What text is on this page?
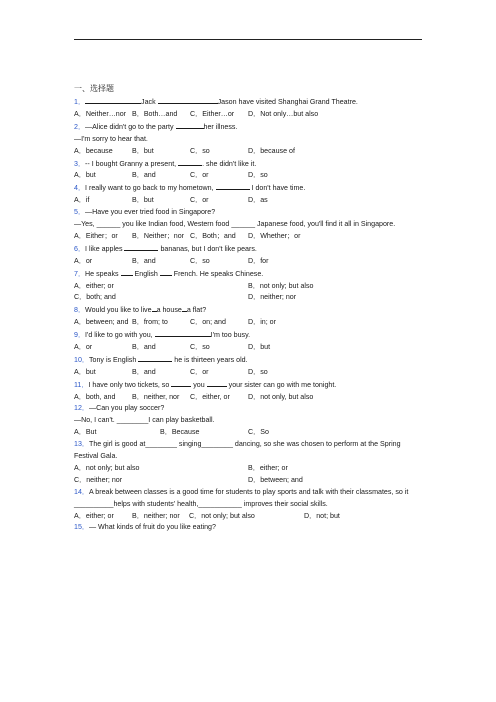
一、选择题
1．	Jack	Jason have visited Shanghai Grand Theatre.
A．Neither…nor B．Both…and C．Either…or D．Not only…but also
2．—Alice didn't go to the party	her illness.
—I'm sorry to hear that.
A．because	B．but	C．so	D．because of
3．-- I bought Granny a present,	. she didn't like it.
A．but	B．and	C．or	D．so
4．I really want to go back to my hometown,	I don't have time.
A．if	B．but	C．or	D．as
5．—Have you ever tried food in Singapore?
—Yes, ______ you like Indian food, Western food ______ Japanese food, you'll find it all in Singapore.
A．Either；or B．Neither；nor C．Both；and D．Whether；or
6．I like apples	bananas, but I don't like pears.
A．or	B．and	C．so	D．for
7．He speaks  English  French. He speaks Chinese.
A．either; or	B．not only; but also
C．both; and	D．neither; nor
8．Would you like to live a house a flat?
A．between; and B．from; to	C．on; and	D．in; or
9．I'd like to go with you,	I'm too busy.
A．or	B．and	C．so	D．but
10．Tony is English	he is thirteen years old.
A．but	B．and	C．or	D．so
11．I have only two tickets, so	you	your sister can go with me tonight.
A．both, and B．neither, nor C．either, or	D．not only, but also
12．—Can you play soccer?
—No, I can't. ________I can play basketball.
A．But	B．Because	C．So
13．The girl is good at________ singing________ dancing, so she was chosen to perform at the Spring Festival Gala.
A．not only; but also	B．either; or
C．neither; nor	D．between; and
14．A break between classes is a good time for students to play sports and talk with their classmates, so it __________helps with students' health,___________ improves their social skills.
A．either; or	B．neither; nor C．not only; but also	D．not; but
15．— What kinds of fruit do you like eating?
